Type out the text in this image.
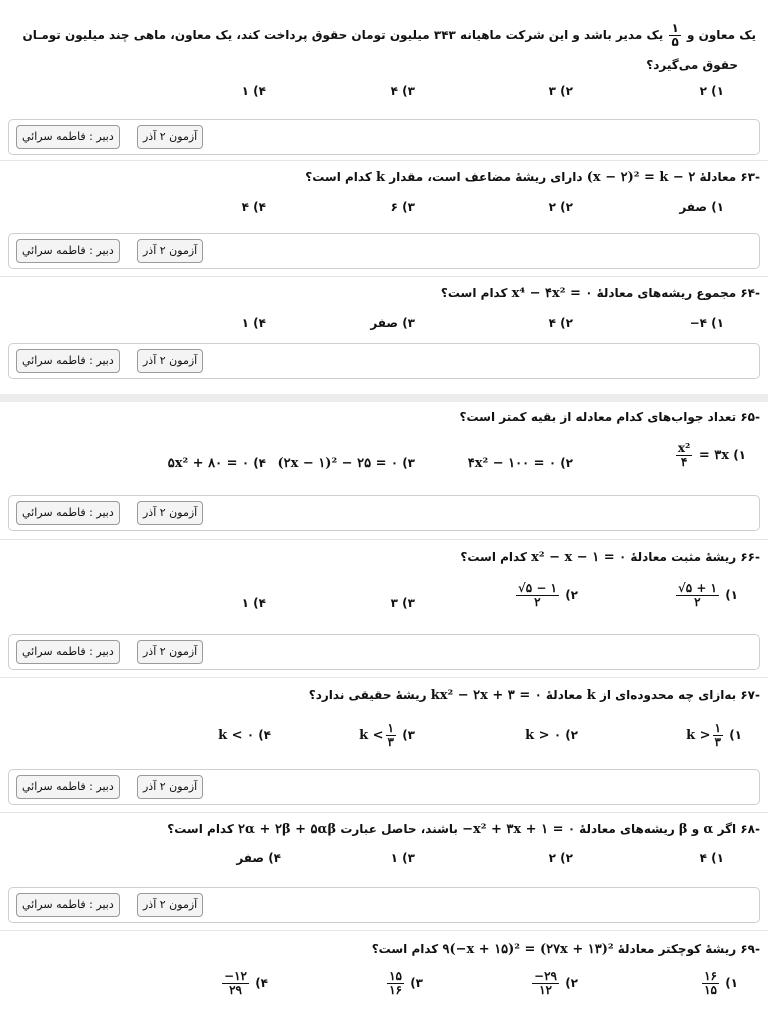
یک معاون و
$\frac{۱}{۵}$
یک مدیر باشد و این شرکت ماهیانه ۳۴۳ میلیون تومان حقوق پرداخت کند، یک معاون، ماهی چند میلیون تومـان
حقوق می‌گیرد؟
۱) ۲
۲) ۳
۳) ۴
۴) ۱
دبیر : فاطمه سرائي	آزمون ۲ آذر
-۶۳ معادلهٔ (x − ۲)² = k − ۲ دارای ریشهٔ مضاعف است، مقدار k کدام است؟
۱) صفر
۲) ۲
۳) ۶
۴) ۴
دبیر : فاطمه سرائي	آزمون ۲ آذر
-۶۴ مجموع ریشه‌های معادلهٔ x⁴ − ۴x² = ۰ کدام است؟
۱) ۴−
۲) ۴
۳) صفر
۴) ۱
دبیر : فاطمه سرائي	آزمون ۲ آذر
-۶۵ تعداد جواب‌های کدام معادله از بقیه کمتر است؟
۱)
$\frac{\text{x²}}{۴}$ = ۳x
۲) ۴x² − ۱۰۰ = ۰
۳) (۲x − ۱)² − ۲۵ = ۰
۴) ۵x² + ۸۰ = ۰
دبیر : فاطمه سرائي	آزمون ۲ آذر
-۶۶ ریشهٔ مثبت معادلهٔ x² − x − ۱ = ۰ کدام است؟
۱)
$\frac{√۵ + ۱}{۲}$
۲)
$\frac{√۵ - ۱}{۲}$
۳) ۳
۴) ۱
دبیر : فاطمه سرائي	آزمون ۲ آذر
-۶۷ به‌ازای چه محدوده‌ای از k معادلهٔ kx² − ۲x + ۳ = ۰ ریشهٔ حقیقی ندارد؟
۱) $k > \frac{۱}{۳}$
۲) k > ۰
۳) $k < \frac{۱}{۳}$
۴) k < ۰
دبیر : فاطمه سرائي	آزمون ۲ آذر
-۶۸ اگر α و β ریشه‌های معادلهٔ −x² + ۳x + ۱ = ۰ باشند، حاصل عبارت ۲α + ۲β + ۵αβ کدام است؟
۱) ۴
۲) ۲
۳) ۱
۴) صفر
دبیر : فاطمه سرائي	آزمون ۲ آذر
-۶۹ ریشهٔ کوچکتر معادلهٔ ۹(−x + ۱۵)² = (۲۷x + ۱۳)² کدام است؟
۱)
$\frac{۱۶}{۱۵}$
۲)
$\frac{-۲۹}{۱۲}$
۳)
$\frac{۱۵}{۱۶}$
۴)
$\frac{-۱۲}{۲۹}$
